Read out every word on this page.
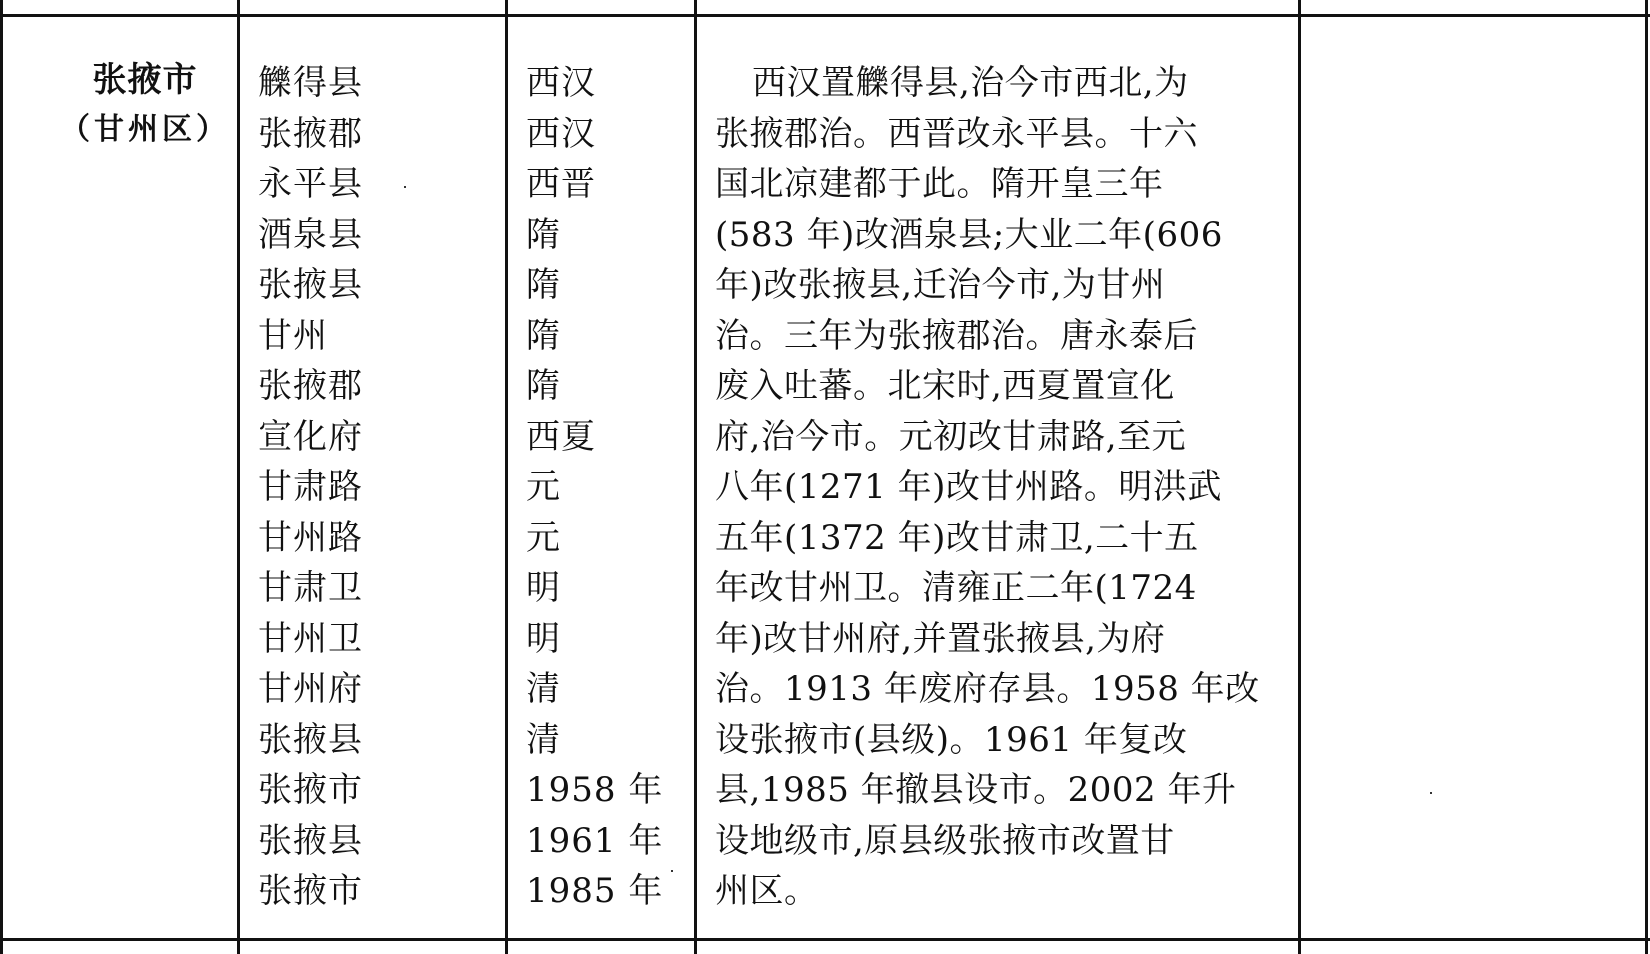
张掖市
（甘州区）
觻得县
张掖郡
永平县
酒泉县
张掖县
甘州
张掖郡
宣化府
甘肃路
甘州路
甘肃卫
甘州卫
甘州府
张掖县
张掖市
张掖县
张掖市
西汉
西汉
西晋
隋
隋
隋
隋
西夏
元
元
明
明
清
清
1958 年
1961 年
1985 年
西汉置觻得县,治今市西北,为
张掖郡治。西晋改永平县。十六
国北凉建都于此。隋开皇三年
(583 年)改酒泉县;大业二年(606
年)改张掖县,迁治今市,为甘州
治。三年为张掖郡治。唐永泰后
废入吐蕃。北宋时,西夏置宣化
府,治今市。元初改甘肃路,至元
八年(1271 年)改甘州路。明洪武
五年(1372 年)改甘肃卫,二十五
年改甘州卫。清雍正二年(1724
年)改甘州府,并置张掖县,为府
治。1913 年废府存县。1958 年改
设张掖市(县级)。1961 年复改
县,1985 年撤县设市。2002 年升
设地级市,原县级张掖市改置甘
州区。
